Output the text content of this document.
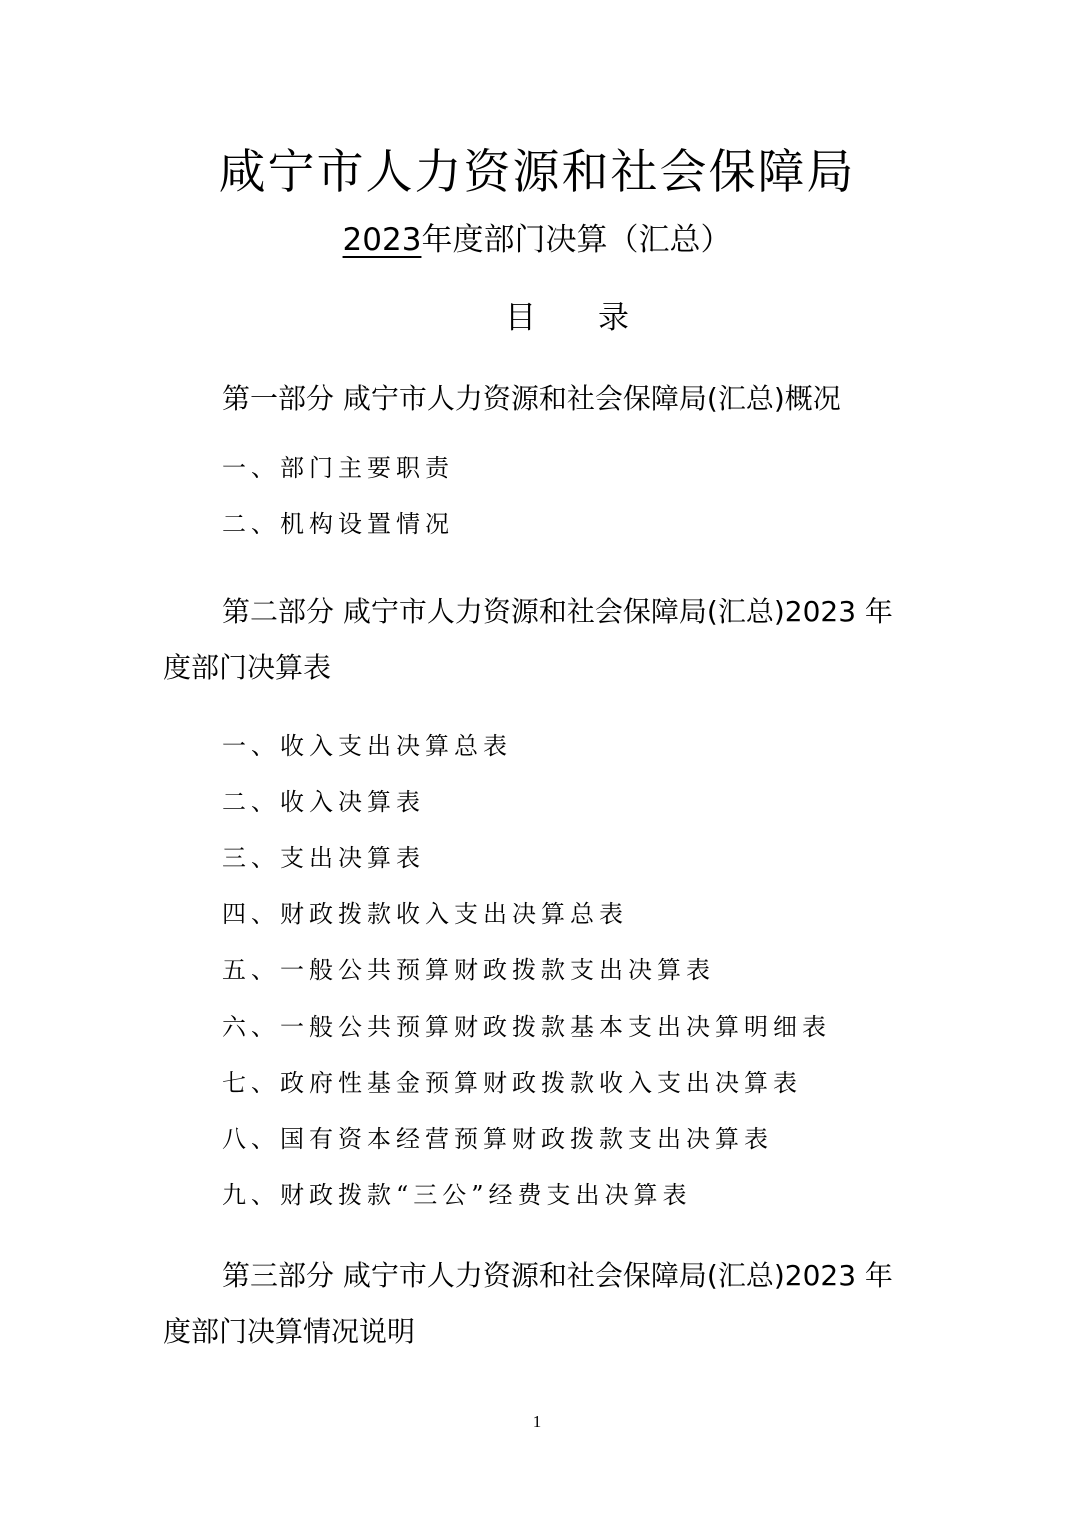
咸宁市人力资源和社会保障局
2023年度部门决算（汇总）
目录
第一部分 咸宁市人力资源和社会保障局(汇总)概况
一、部门主要职责
二、机构设置情况
第二部分 咸宁市人力资源和社会保障局(汇总)2023 年
度部门决算表
一、收入支出决算总表
二、收入决算表
三、支出决算表
四、财政拨款收入支出决算总表
五、一般公共预算财政拨款支出决算表
六、一般公共预算财政拨款基本支出决算明细表
七、政府性基金预算财政拨款收入支出决算表
八、国有资本经营预算财政拨款支出决算表
九、财政拨款“三公”经费支出决算表
第三部分 咸宁市人力资源和社会保障局(汇总)2023 年
度部门决算情况说明
1
